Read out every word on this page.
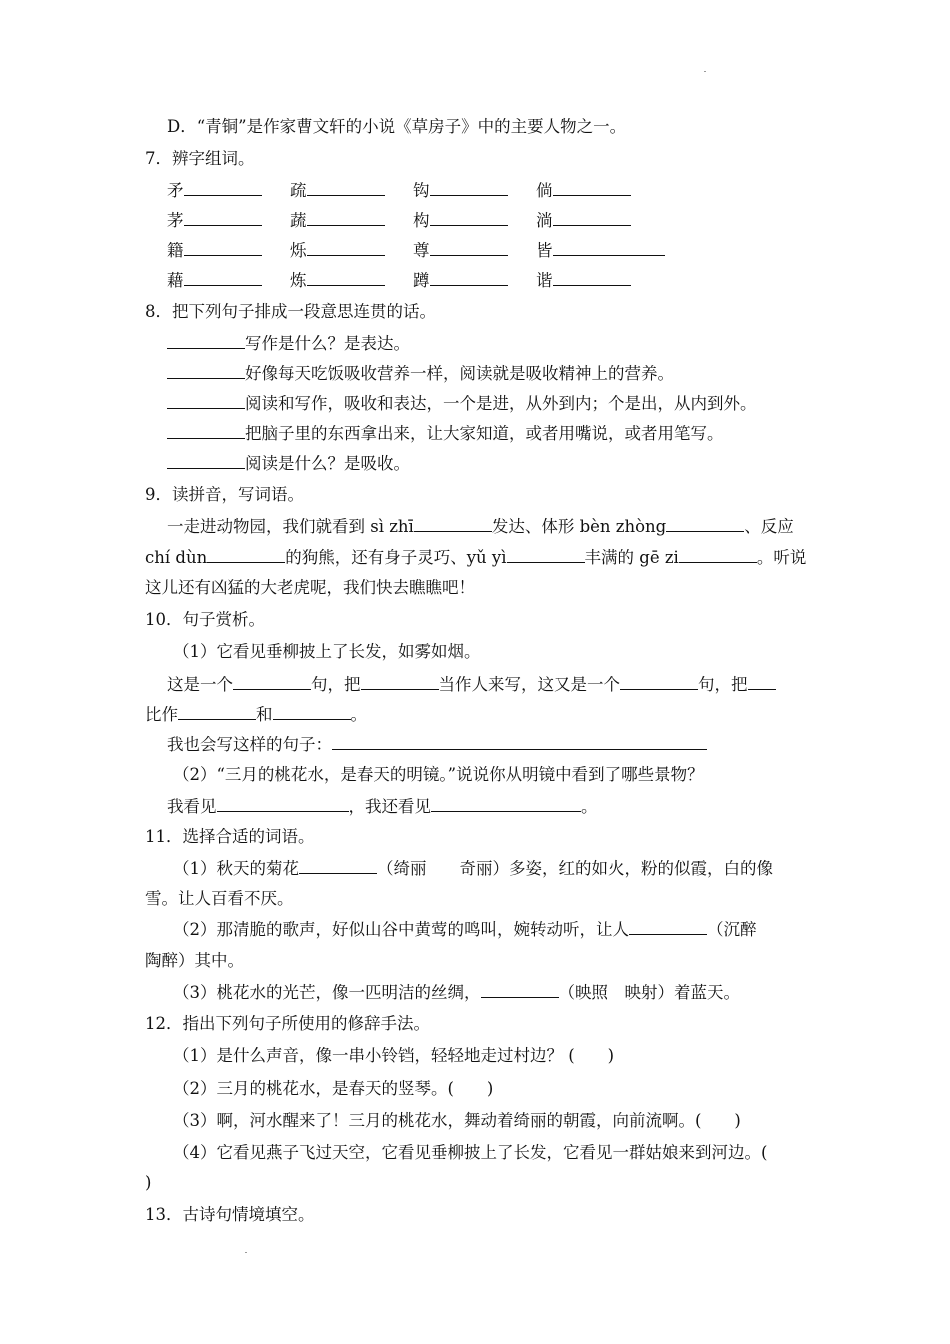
D．“青铜”是作家曹文轩的小说《草房子》中的主要人物之一。
7．辨字组词。
矛	疏	钩	倘
茅	蔬	构	淌
籍	烁	尊	皆
藉	炼	蹲	谐
8．把下列句子排成一段意思连贯的话。
写作是什么？是表达。
好像每天吃饭吸收营养一样，阅读就是吸收精神上的营养。
阅读和写作，吸收和表达，一个是进，从外到内；个是出，从内到外。
把脑子里的东西拿出来，让大家知道，或者用嘴说，或者用笔写。
阅读是什么？是吸收。
9．读拼音，写词语。
一走进动物园，我们就看到 sì zhī	发达、体形 bèn zhòng	、反应
chí dùn	的狗熊，还有身子灵巧、yǔ yì	丰满的 gē zi	。听说
这儿还有凶猛的大老虎呢，我们快去瞧瞧吧！
10．句子赏析。
（1）它看见垂柳披上了长发，如雾如烟。
这是一个	句，把	当作人来写，这又是一个	句，把
比作	和	。
我也会写这样的句子：
（2）“三月的桃花水，是春天的明镜。”说说你从明镜中看到了哪些景物？
我看见	，我还看见	。
11．选择合适的词语。
（1）秋天的菊花	（绮丽　　奇丽）多姿，红的如火，粉的似霞，白的像
雪。让人百看不厌。
（2）那清脆的歌声，好似山谷中黄莺的鸣叫，婉转动听，让人	（沉醉
陶醉）其中。
（3）桃花水的光芒，像一匹明洁的丝绸，	（映照　映射）着蓝天。
12．指出下列句子所使用的修辞手法。
（1）是什么声音，像一串小铃铛，轻轻地走过村边？ (　　)
（2）三月的桃花水，是春天的竖琴。(　　)
（3）啊，河水醒来了！三月的桃花水，舞动着绮丽的朝霞，向前流啊。(　　)
（4）它看见燕子飞过天空，它看见垂柳披上了长发，它看见一群姑娘来到河边。(
)
13．古诗句情境填空。
